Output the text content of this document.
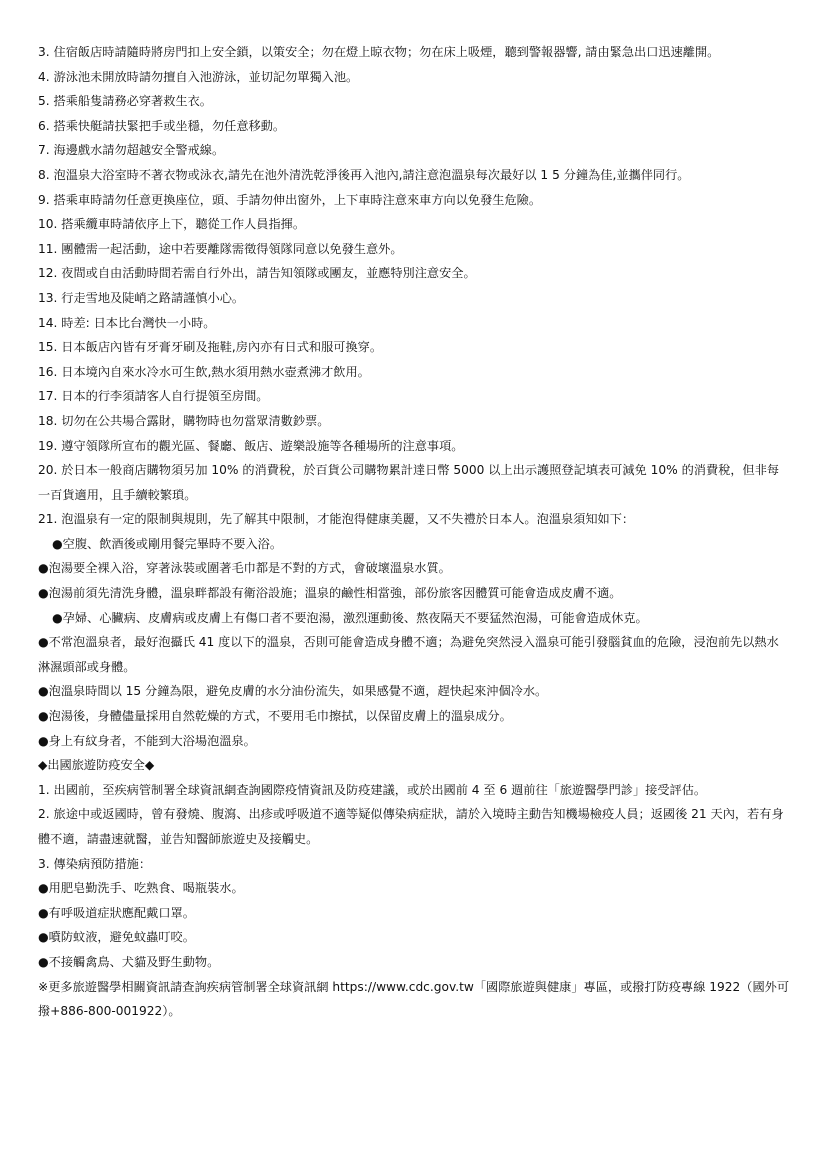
3. 住宿飯店時請隨時將房門扣上安全鎖，以策安全；勿在燈上晾衣物；勿在床上吸煙，聽到警報器響, 請由緊急出口迅速離開。

4. 游泳池未開放時請勿擅自入池游泳，並切記勿單獨入池。

5. 搭乘船隻請務必穿著救生衣。

6. 搭乘快艇請扶緊把手或坐穩，勿任意移動。

7. 海邊戲水請勿超越安全警戒線。

8. 泡溫泉大浴室時不著衣物或泳衣,請先在池外清洗乾淨後再入池內,請注意泡溫泉每次最好以 1 5 分鐘為佳,並攜伴同行。

9. 搭乘車時請勿任意更換座位，頭、手請勿伸出窗外，上下車時注意來車方向以免發生危險。

10. 搭乘纜車時請依序上下，聽從工作人員指揮。

11. 團體需一起活動，途中若要離隊需徵得領隊同意以免發生意外。

12. 夜間或自由活動時間若需自行外出，請告知領隊或團友，並應特別注意安全。

13. 行走雪地及陡峭之路請謹慎小心。

14. 時差: 日本比台灣快一小時。

15. 日本飯店內皆有牙膏牙刷及拖鞋,房內亦有日式和服可換穿。

16. 日本境內自來水冷水可生飲,熱水須用熱水壺煮沸才飲用。

17. 日本的行李須請客人自行提領至房間。

18. 切勿在公共場合露財，購物時也勿當眾清數鈔票。

19. 遵守領隊所宣布的觀光區、餐廳、飯店、遊樂設施等各種場所的注意事項。

20. 於日本一般商店購物須另加 10% 的消費稅，於百貨公司購物累計達日幣 5000 以上出示護照登記填表可減免 10% 的消費稅，但非每一百貨適用，且手續較繁瑣。

21. 泡溫泉有一定的限制與規則，先了解其中限制，才能泡得健康美麗，又不失禮於日本人。泡溫泉須知如下：

●空腹、飲酒後或剛用餐完畢時不要入浴。

●泡湯要全裸入浴，穿著泳裝或圍著毛巾都是不對的方式，會破壞溫泉水質。

●泡湯前須先清洗身體，溫泉畔都設有衛浴設施；溫泉的鹼性相當強，部份旅客因體質可能會造成皮膚不適。

●孕婦、心臟病、皮膚病或皮膚上有傷口者不要泡湯，激烈運動後、熬夜隔天不要猛然泡湯，可能會造成休克。

●不常泡溫泉者，最好泡攝氏 41 度以下的溫泉，否則可能會造成身體不適；為避免突然浸入溫泉可能引發腦貧血的危險，浸泡前先以熱水淋濕頭部或身體。

●泡溫泉時間以 15 分鐘為限，避免皮膚的水分油份流失，如果感覺不適，趕快起來沖個冷水。

●泡湯後，身體儘量採用自然乾燥的方式，不要用毛巾擦拭，以保留皮膚上的溫泉成分。

●身上有紋身者，不能到大浴場泡溫泉。

◆出國旅遊防疫安全◆

1. 出國前，至疾病管制署全球資訊網查詢國際疫情資訊及防疫建議，或於出國前 4 至 6 週前往「旅遊醫學門診」接受評估。

2. 旅途中或返國時，曾有發燒、腹瀉、出疹或呼吸道不適等疑似傳染病症狀，請於入境時主動告知機場檢疫人員；返國後 21 天內，若有身體不適，請盡速就醫，並告知醫師旅遊史及接觸史。

3. 傳染病預防措施：

●用肥皂勤洗手、吃熟食、喝瓶裝水。

●有呼吸道症狀應配戴口罩。

●噴防蚊液，避免蚊蟲叮咬。

●不接觸禽鳥、犬貓及野生動物。

※更多旅遊醫學相關資訊請查詢疾病管制署全球資訊網 https://www.cdc.gov.tw「國際旅遊與健康」專區，或撥打防疫專線 1922（國外可撥+886-800-001922）。
